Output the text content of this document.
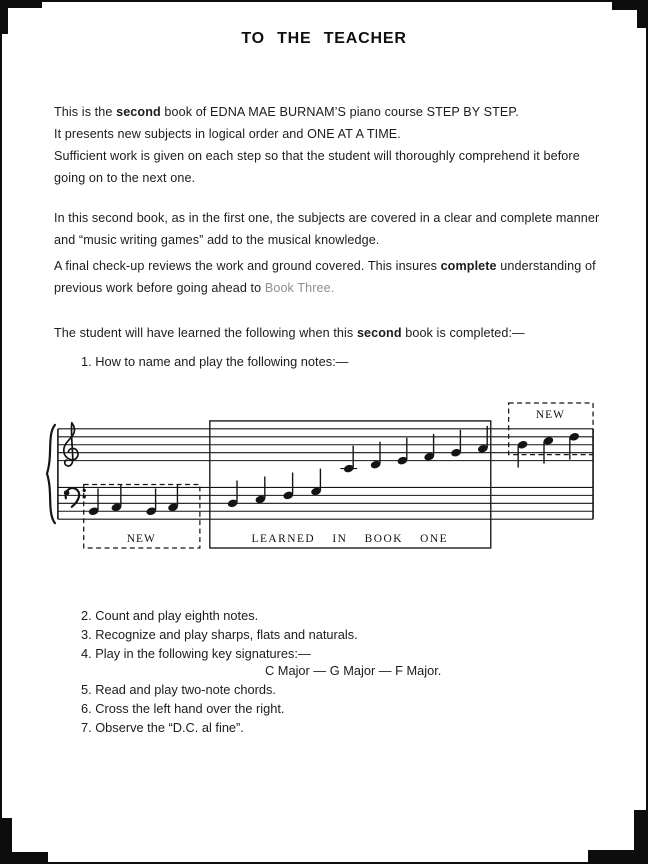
TO THE TEACHER
This is the second book of EDNA MAE BURNAM’S piano course STEP BY STEP.
It presents new subjects in logical order and ONE AT A TIME.
Sufficient work is given on each step so that the student will thoroughly comprehend it before
going on to the next one.
In this second book, as in the first one, the subjects are covered in a clear and complete manner
and “music writing games” add to the musical knowledge.
A final check-up reviews the work and ground covered. This insures complete understanding of
previous work before going ahead to Book Three.
The student will have learned the following when this second book is completed:—
1. How to name and play the following notes:—
NEW	LEARNED IN BOOK ONE
NEW
2. Count and play eighth notes.
3. Recognize and play sharps, flats and naturals.
4. Play in the following key signatures:—
C Major — G Major — F Major.
5. Read and play two-note chords.
6. Cross the left hand over the right.
7. Observe the “D.C. al fine”.
